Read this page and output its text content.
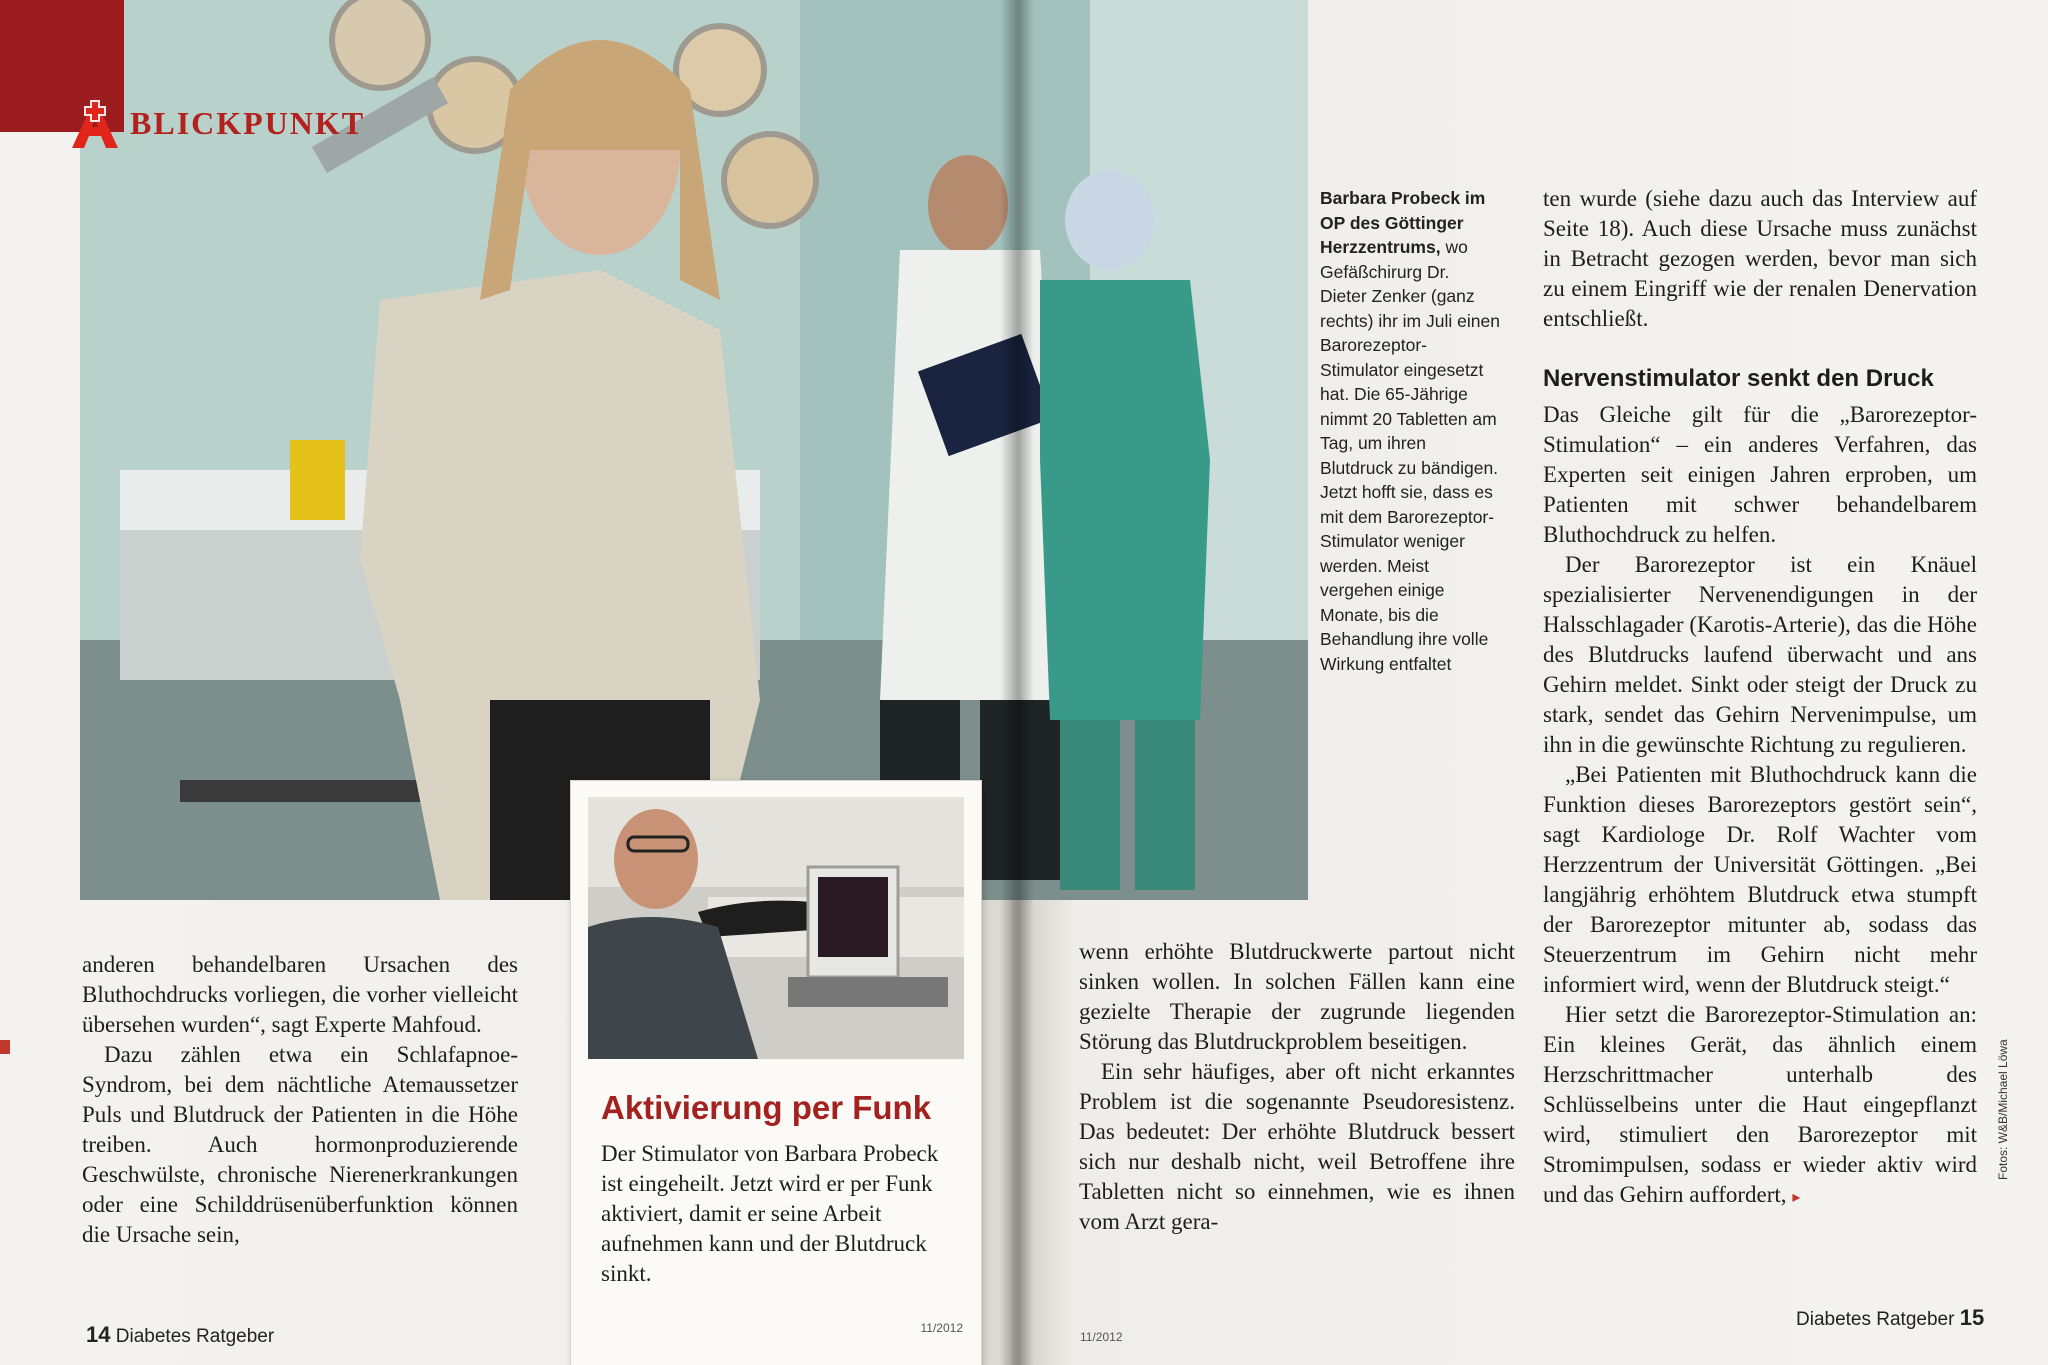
BLICKPUNKT
Barbara Probeck im OP des Göttinger Herzzentrums, wo Gefäßchirurg Dr. Dieter Zenker (ganz rechts) ihr im Juli einen Barorezeptor-Stimulator eingesetzt hat. Die 65-Jährige nimmt 20 Tabletten am Tag, um ihren Blutdruck zu bändigen. Jetzt hofft sie, dass es mit dem Barorezeptor-Stimulator weniger werden. Meist vergehen einige Monate, bis die Behandlung ihre volle Wirkung entfaltet

anderen behandelbaren Ursachen des Bluthochdrucks vorliegen, die vorher vielleicht übersehen wurden“, sagt Experte Mahfoud.

Dazu zählen etwa ein Schlafapnoe-Syndrom, bei dem nächtliche Atemaussetzer Puls und Blutdruck der Patienten in die Höhe treiben. Auch hormonproduzierende Geschwülste, chronische Nierenerkrankungen oder eine Schilddrüsenüberfunktion können die Ursache sein,

Aktivierung per Funk
Der Stimulator von Barbara Probeck ist eingeheilt. Jetzt wird er per Funk aktiviert, damit er seine Arbeit aufnehmen kann und der Blutdruck sinkt.
11/2012

wenn erhöhte Blutdruckwerte partout nicht sinken wollen. In solchen Fällen kann eine gezielte Therapie der zugrunde liegenden Störung das Blutdruckproblem beseitigen.

Ein sehr häufiges, aber oft nicht erkanntes Problem ist die sogenannte Pseudoresistenz. Das bedeutet: Der erhöhte Blutdruck bessert sich nur deshalb nicht, weil Betroffene ihre Tabletten nicht so einnehmen, wie es ihnen vom Arzt gera-

ten wurde (siehe dazu auch das Interview auf Seite 18). Auch diese Ursache muss zunächst in Betracht gezogen werden, bevor man sich zu einem Eingriff wie der renalen Denervation entschließt.

Nervenstimulator senkt den Druck

Das Gleiche gilt für die „Barorezeptor-Stimulation“ – ein anderes Verfahren, das Experten seit einigen Jahren erproben, um Patienten mit schwer behandelbarem Bluthochdruck zu helfen.

Der Barorezeptor ist ein Knäuel spezialisierter Nervenendigungen in der Halsschlagader (Karotis-Arterie), das die Höhe des Blutdrucks laufend überwacht und ans Gehirn meldet. Sinkt oder steigt der Druck zu stark, sendet das Gehirn Nervenimpulse, um ihn in die gewünschte Richtung zu regulieren.

„Bei Patienten mit Bluthochdruck kann die Funktion dieses Barorezeptors gestört sein“, sagt Kardiologe Dr. Rolf Wachter vom Herzzentrum der Universität Göttingen. „Bei langjährig erhöhtem Blutdruck etwa stumpft der Barorezeptor mitunter ab, sodass das Steuerzentrum im Gehirn nicht mehr informiert wird, wenn der Blutdruck steigt.“

Hier setzt die Barorezeptor-Stimulation an: Ein kleines Gerät, das ähnlich einem Herzschrittmacher unterhalb des Schlüsselbeins unter die Haut eingepflanzt wird, stimuliert den Barorezeptor mit Stromimpulsen, sodass er wieder aktiv wird und das Gehirn auffordert, ▸

Fotos: W&B/Michael Löwa
14 Diabetes Ratgeber	11/2012
Diabetes Ratgeber 15
